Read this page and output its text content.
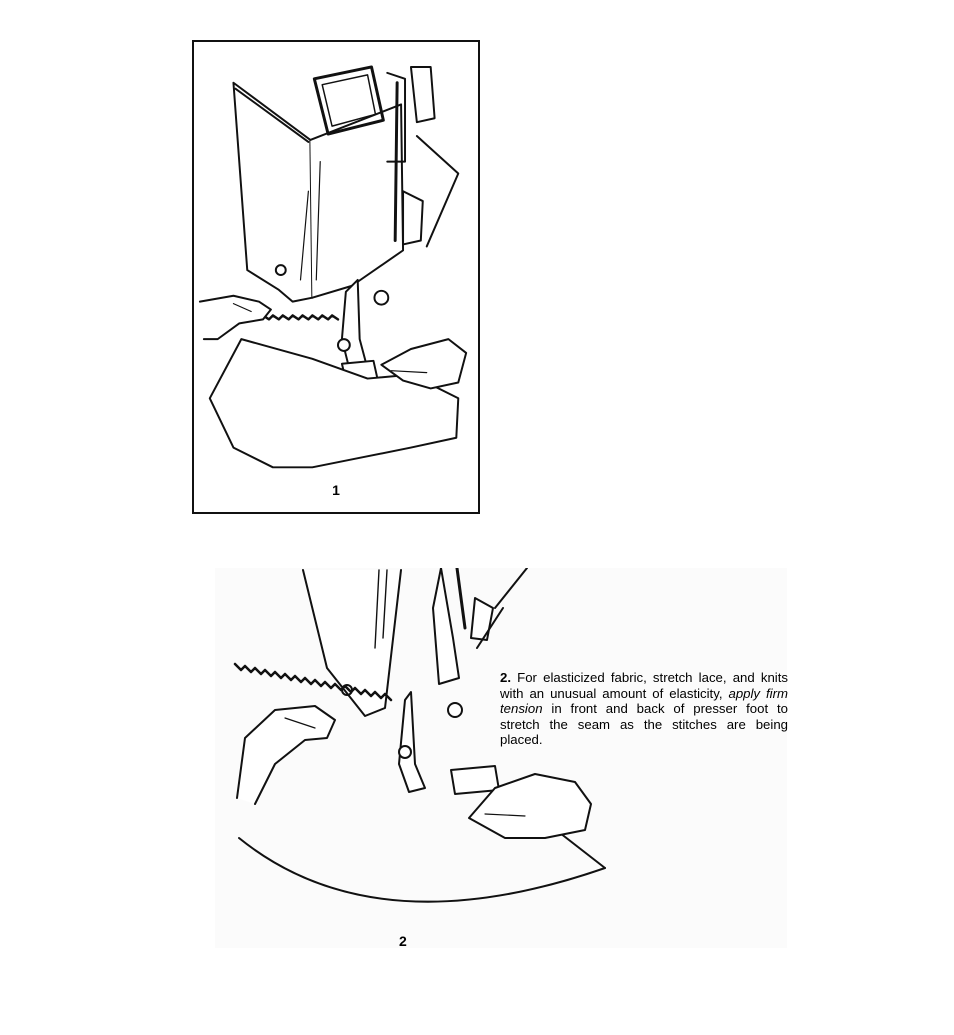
1
2
2. For elasticized fabric, stretch lace, and knits with an unusual amount of elasticity, apply firm tension in front and back of presser foot to stretch the seam as the stitches are being placed.
